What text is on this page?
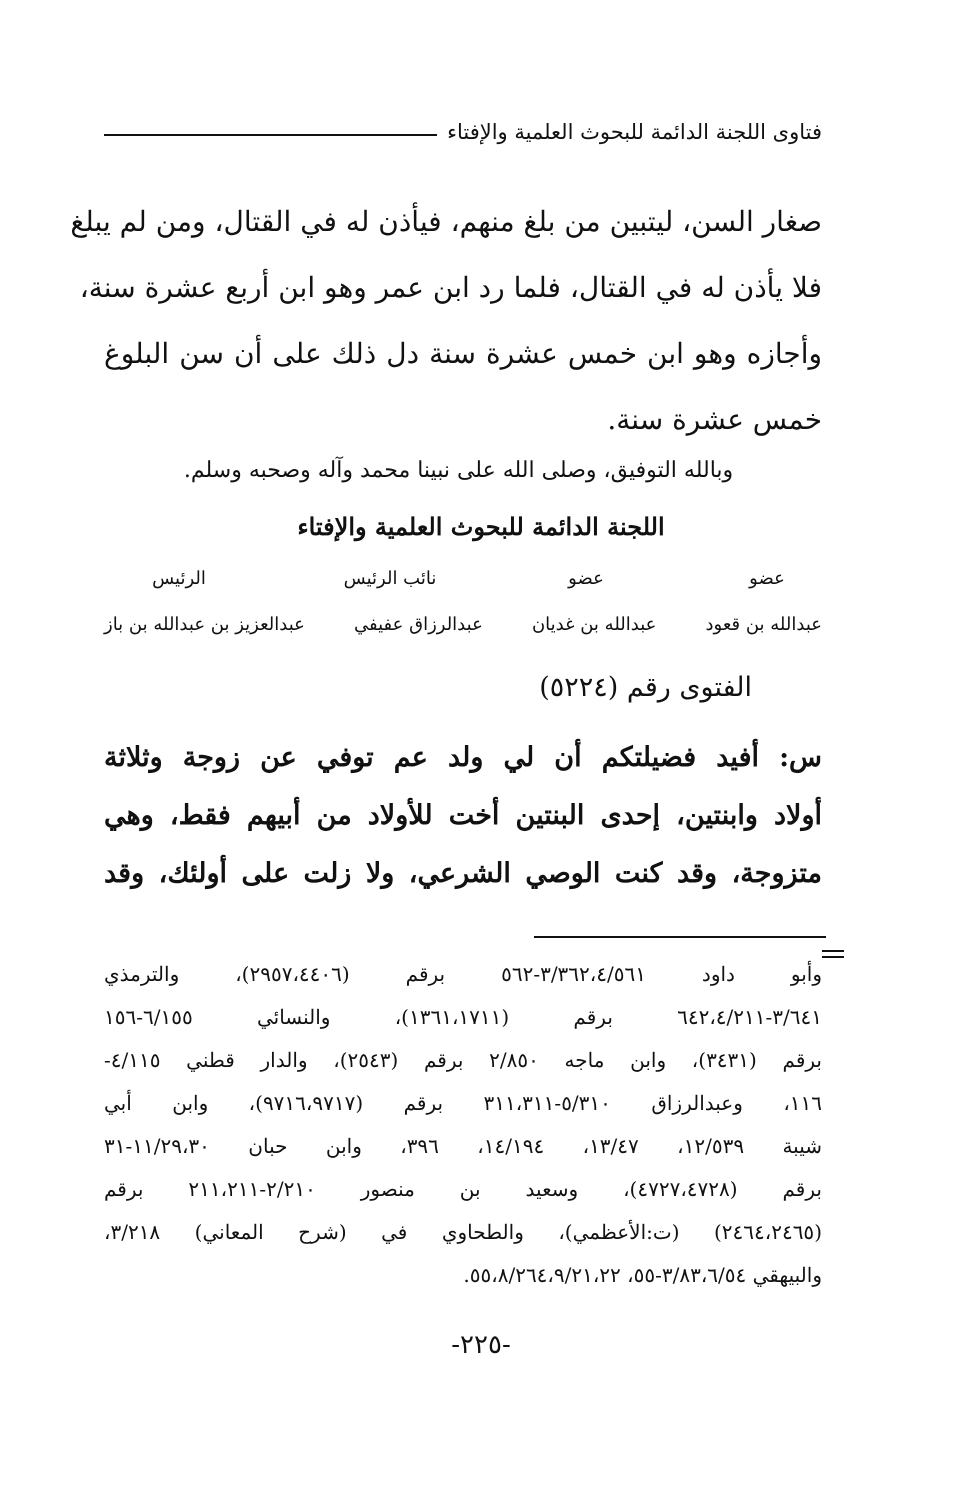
فتاوى اللجنة الدائمة للبحوث العلمية والإفتاء
صغار السن، ليتبين من بلغ منهم، فيأذن له في القتال، ومن لم يبلغ
فلا يأذن له في القتال، فلما رد ابن عمر وهو ابن أربع عشرة سنة،
وأجازه وهو ابن خمس عشرة سنة دل ذلك على أن سن البلوغ
خمس عشرة سنة.
وبالله التوفيق، وصلى الله على نبينا محمد وآله وصحبه وسلم.
اللجنة الدائمة للبحوث العلمية والإفتاء
عضو
عضو
نائب الرئيس
الرئيس
عبدالله بن قعود
عبدالله بن غديان
عبدالرزاق عفيفي
عبدالعزيز بن عبدالله بن باز
الفتوى رقم (٥٢٢٤)
س: أفيد فضيلتكم أن لي ولد عم توفي عن زوجة وثلاثة
أولاد وابنتين، إحدى البنتين أخت للأولاد من أبيهم فقط، وهي
متزوجة، وقد كنت الوصي الشرعي، ولا زلت على أولئك، وقد
وأبو داود ٣/٣٦٢،٤/٥٦١-٥٦٢ برقم (٢٩٥٧،٤٤٠٦)، والترمذي
٣/٦٤١-٦٤٢،٤/٢١١ برقم (١٣٦١،١٧١١)، والنسائي ٦/١٥٥-١٥٦
برقم (٣٤٣١)، وابن ماجه ٢/٨٥٠ برقم (٢٥٤٣)، والدار قطني ٤/١١٥-
١١٦، وعبدالرزاق ٥/٣١٠-٣١١،٣١١ برقم (٩٧١٦،٩٧١٧)، وابن أبي
شيبة ١٢/٥٣٩، ١٣/٤٧، ١٤/١٩٤، ٣٩٦، وابن حبان ١١/٢٩،٣٠-٣١
برقم (٤٧٢٧،٤٧٢٨)، وسعيد بن منصور ٢/٢١٠-٢١١،٢١١ برقم
(٢٤٦٤،٢٤٦٥) (ت:الأعظمي)، والطحاوي في (شرح المعاني) ٣/٢١٨،
والبيهقي ٣/٨٣،٦/٥٤-٥٥، ٥٥،٨/٢٦٤،٩/٢١،٢٢.
-٢٢٥-
